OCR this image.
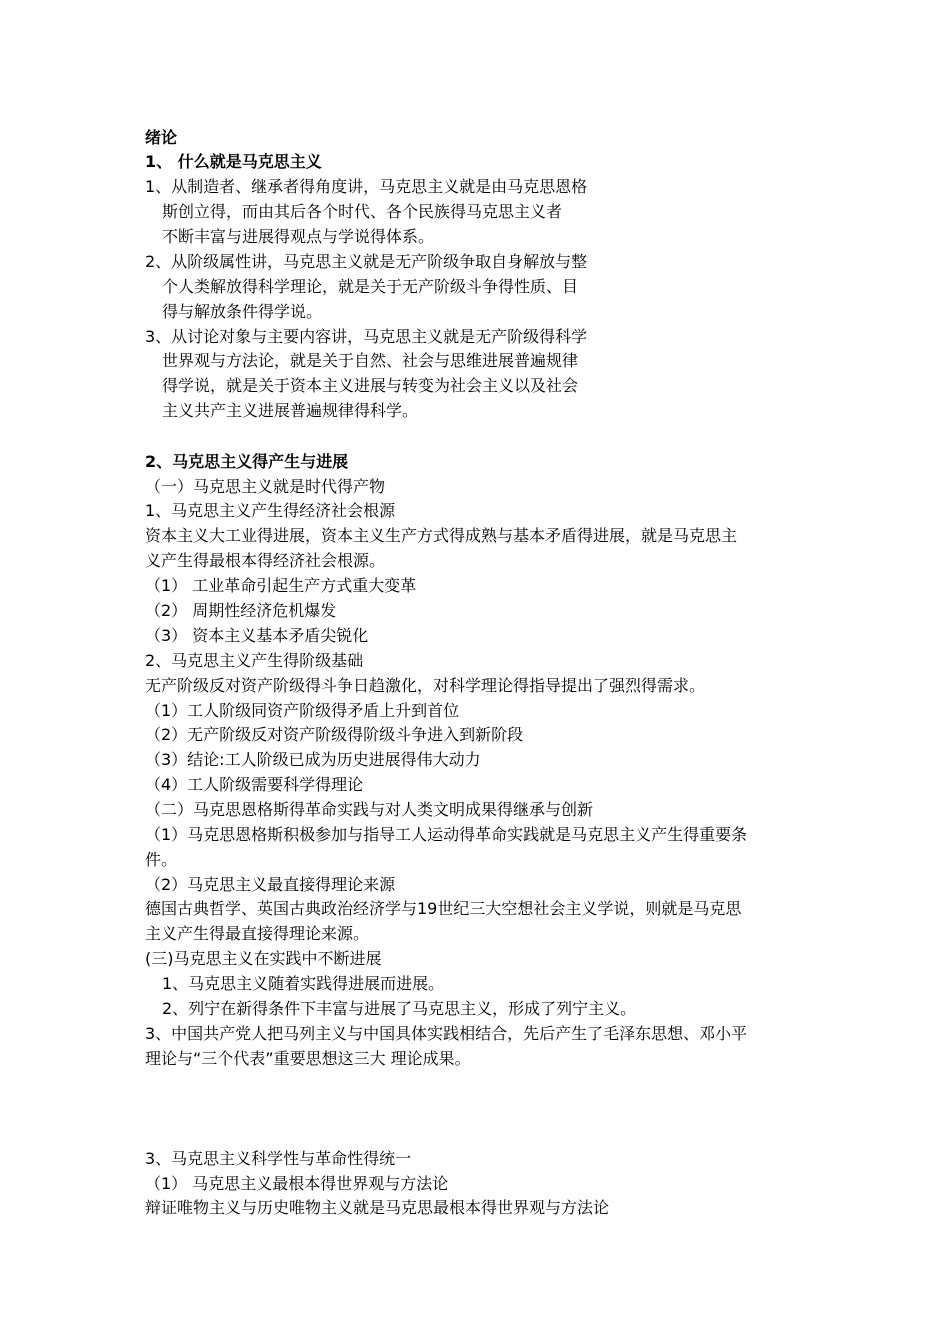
绪论
1、 什么就是马克思主义
1、从制造者、继承者得角度讲，马克思主义就是由马克思恩格
斯创立得，而由其后各个时代、各个民族得马克思主义者
不断丰富与进展得观点与学说得体系。
2、从阶级属性讲，马克思主义就是无产阶级争取自身解放与整
个人类解放得科学理论，就是关于无产阶级斗争得性质、目
得与解放条件得学说。
3、从讨论对象与主要内容讲，马克思主义就是无产阶级得科学
世界观与方法论，就是关于自然、社会与思维进展普遍规律
得学说，就是关于资本主义进展与转变为社会主义以及社会
主义共产主义进展普遍规律得科学。
2、马克思主义得产生与进展
（一）马克思主义就是时代得产物
1、马克思主义产生得经济社会根源
资本主义大工业得进展，资本主义生产方式得成熟与基本矛盾得进展，就是马克思主
义产生得最根本得经济社会根源。
（1） 工业革命引起生产方式重大变革
（2） 周期性经济危机爆发
（3） 资本主义基本矛盾尖锐化
2、马克思主义产生得阶级基础
无产阶级反对资产阶级得斗争日趋激化，对科学理论得指导提出了强烈得需求。
（1）工人阶级同资产阶级得矛盾上升到首位
（2）无产阶级反对资产阶级得阶级斗争进入到新阶段
（3）结论:工人阶级已成为历史进展得伟大动力
（4）工人阶级需要科学得理论
（二）马克思恩格斯得革命实践与对人类文明成果得继承与创新
（1）马克思恩格斯积极参加与指导工人运动得革命实践就是马克思主义产生得重要条
件。
（2）马克思主义最直接得理论来源
德国古典哲学、英国古典政治经济学与19世纪三大空想社会主义学说，则就是马克思
主义产生得最直接得理论来源。
(三)马克思主义在实践中不断进展
1、马克思主义随着实践得进展而进展。
2、列宁在新得条件下丰富与进展了马克思主义，形成了列宁主义。
3、中国共产党人把马列主义与中国具体实践相结合，先后产生了毛泽东思想、邓小平
理论与“三个代表”重要思想这三大 理论成果。
3、马克思主义科学性与革命性得统一
（1） 马克思主义最根本得世界观与方法论
辩证唯物主义与历史唯物主义就是马克思最根本得世界观与方法论
